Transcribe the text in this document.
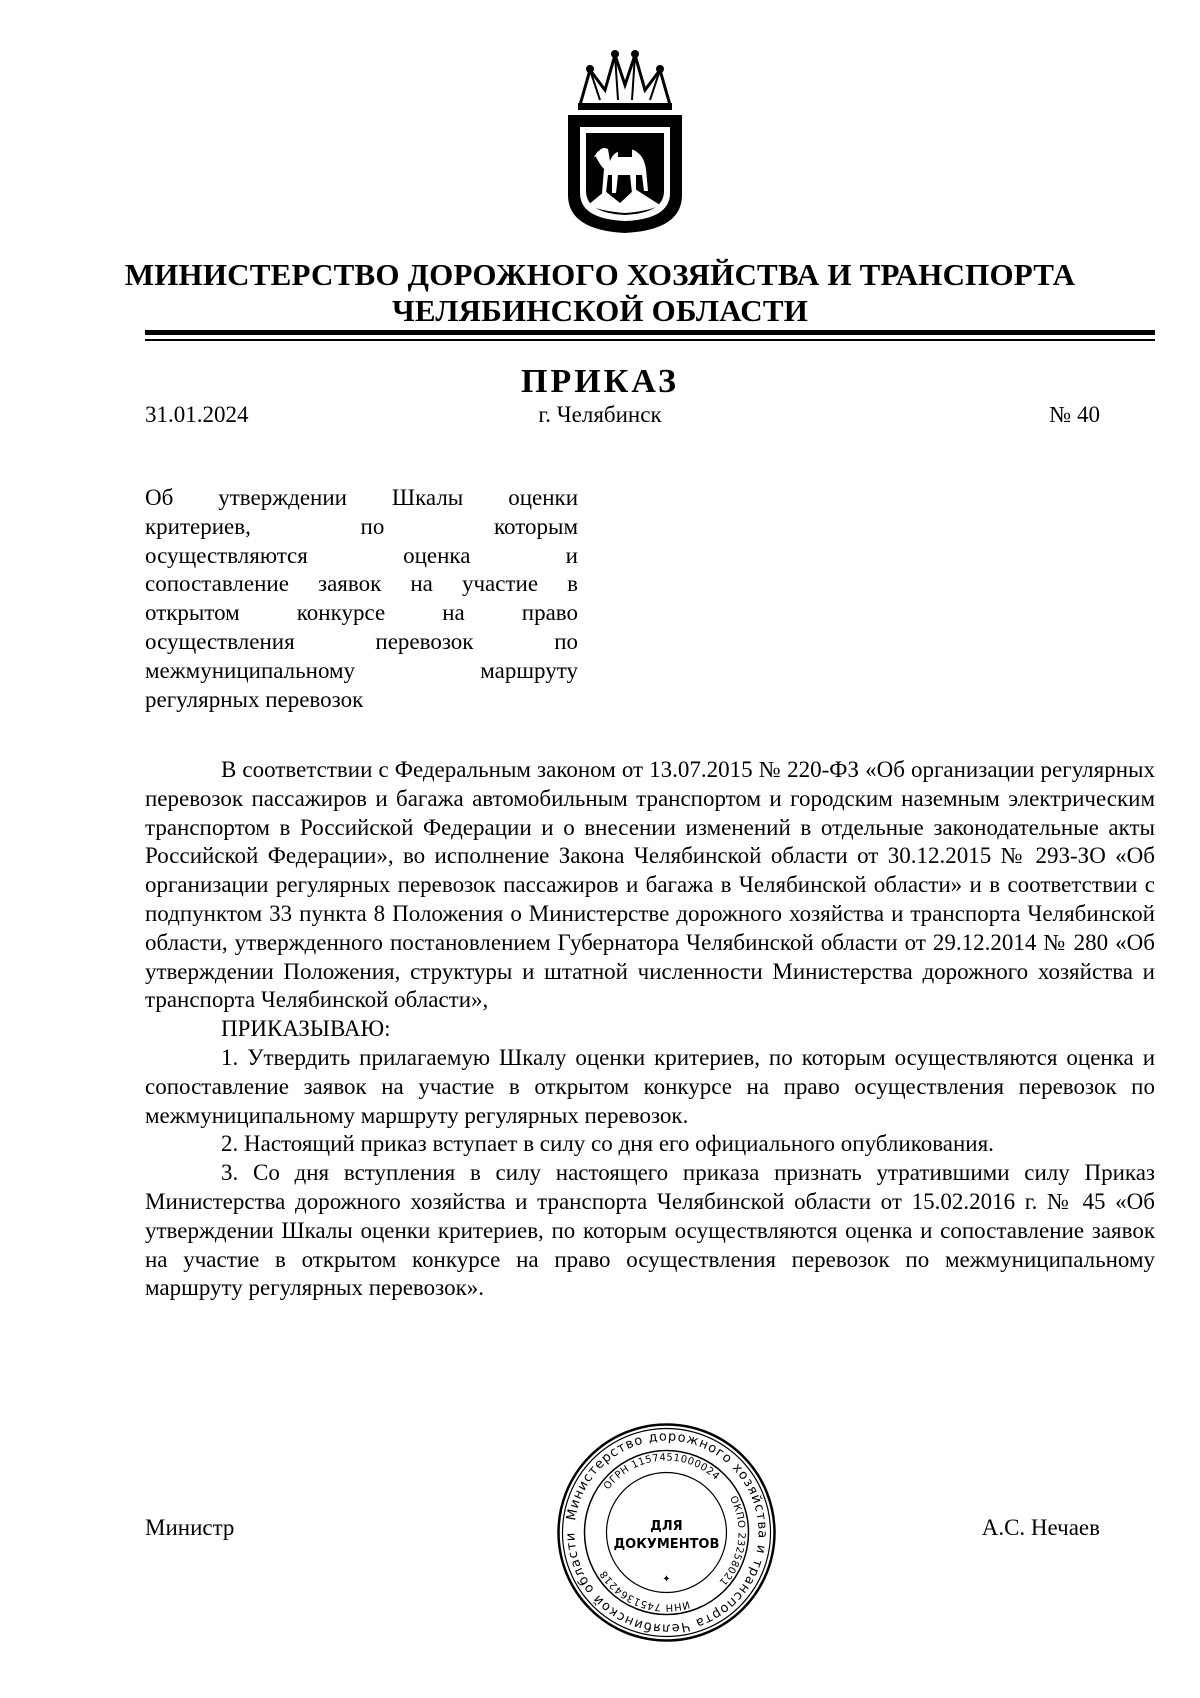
МИНИСТЕРСТВО ДОРОЖНОГО ХОЗЯЙСТВА И ТРАНСПОРТА
ЧЕЛЯБИНСКОЙ ОБЛАСТИ
ПРИКАЗ
31.01.2024	г. Челябинск	№ 40
Об утверждении Шкалы оценки
критериев, по которым
осуществляются оценка и
сопоставление заявок на участие в
открытом конкурсе на право
осуществления перевозок по
межмуниципальному маршруту
регулярных перевозок

В соответствии с Федеральным законом от 13.07.2015 № 220-ФЗ «Об организации регулярных перевозок пассажиров и багажа автомобильным транспортом и городским наземным электрическим транспортом в Российской Федерации и о внесении изменений в отдельные законодательные акты Российской Федерации», во исполнение Закона Челябинской области от 30.12.2015 № 293-ЗО «Об организации регулярных перевозок пассажиров и багажа в Челябинской области» и в соответствии с подпунктом 33 пункта 8 Положения о Министерстве дорожного хозяйства и транспорта Челябинской области, утвержденного постановлением Губернатора Челябинской области от 29.12.2014 № 280 «Об утверждении Положения, структуры и штатной численности Министерства дорожного хозяйства и транспорта Челябинской области»,

ПРИКАЗЫВАЮ:

1. Утвердить прилагаемую Шкалу оценки критериев, по которым осуществляются оценка и сопоставление заявок на участие в открытом конкурсе на право осуществления перевозок по межмуниципальному маршруту регулярных перевозок.

2. Настоящий приказ вступает в силу со дня его официального опубликования.

3. Со дня вступления в силу настоящего приказа признать утратившими силу Приказ Министерства дорожного хозяйства и транспорта Челябинской области от 15.02.2016 г. № 45 «Об утверждении Шкалы оценки критериев, по которым осуществляются оценка и сопоставление заявок на участие в открытом конкурсе на право осуществления перевозок по межмуниципальному маршруту регулярных перевозок».

Министр	А.С. Нечаев
Министерство дорожного хозяйства и транспорта Челябинской области
ОГРН 1157451000024
ОКПО 23258021
ИНН 7451364218
ДЛЯ
ДОКУМЕНТОВ
✦
